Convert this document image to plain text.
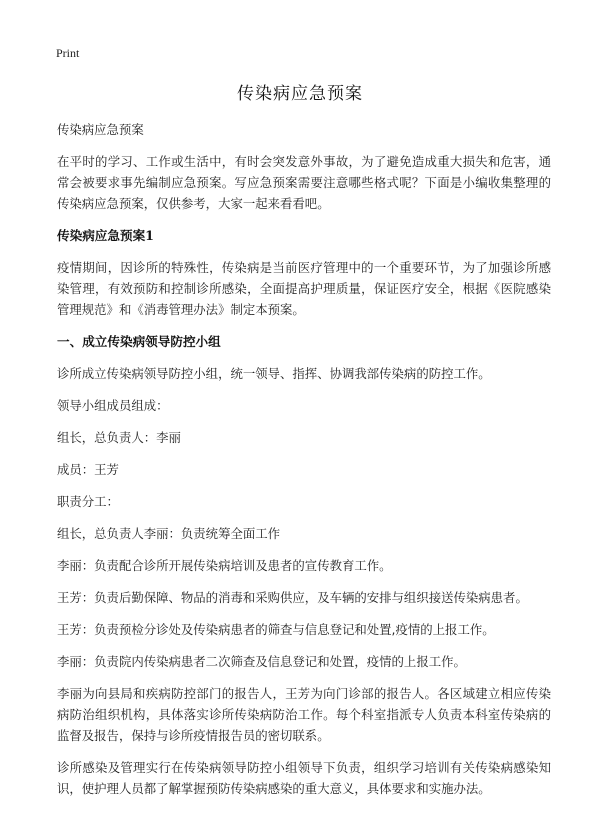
Print
传染病应急预案

传染病应急预案

在平时的学习、工作或生活中，有时会突发意外事故，为了避免造成重大损失和危害，通常会被要求事先编制应急预案。写应急预案需要注意哪些格式呢？下面是小编收集整理的传染病应急预案，仅供参考，大家一起来看看吧。

传染病应急预案1

疫情期间，因诊所的特殊性，传染病是当前医疗管理中的一个重要环节，为了加强诊所感染管理，有效预防和控制诊所感染，全面提高护理质量，保证医疗安全，根据《医院感染管理规范》和《消毒管理办法》制定本预案。

一、成立传染病领导防控小组

诊所成立传染病领导防控小组，统一领导、指挥、协调我部传染病的防控工作。

领导小组成员组成：

组长，总负责人：李丽

成员：王芳

职责分工：

组长，总负责人李丽：负责统筹全面工作

李丽：负责配合诊所开展传染病培训及患者的宣传教育工作。

王芳：负责后勤保障、物品的消毒和采购供应，及车辆的安排与组织接送传染病患者。

王芳：负责预检分诊处及传染病患者的筛查与信息登记和处置,疫情的上报工作。

李丽：负责院内传染病患者二次筛查及信息登记和处置，疫情的上报工作。

李丽为向县局和疾病防控部门的报告人，王芳为向门诊部的报告人。各区域建立相应传染病防治组织机构，具体落实诊所传染病防治工作。每个科室指派专人负责本科室传染病的监督及报告，保持与诊所疫情报告员的密切联系。

诊所感染及管理实行在传染病领导防控小组领导下负责，组织学习培训有关传染病感染知识，使护理人员都了解掌握预防传染病感染的重大意义，具体要求和实施办法。
